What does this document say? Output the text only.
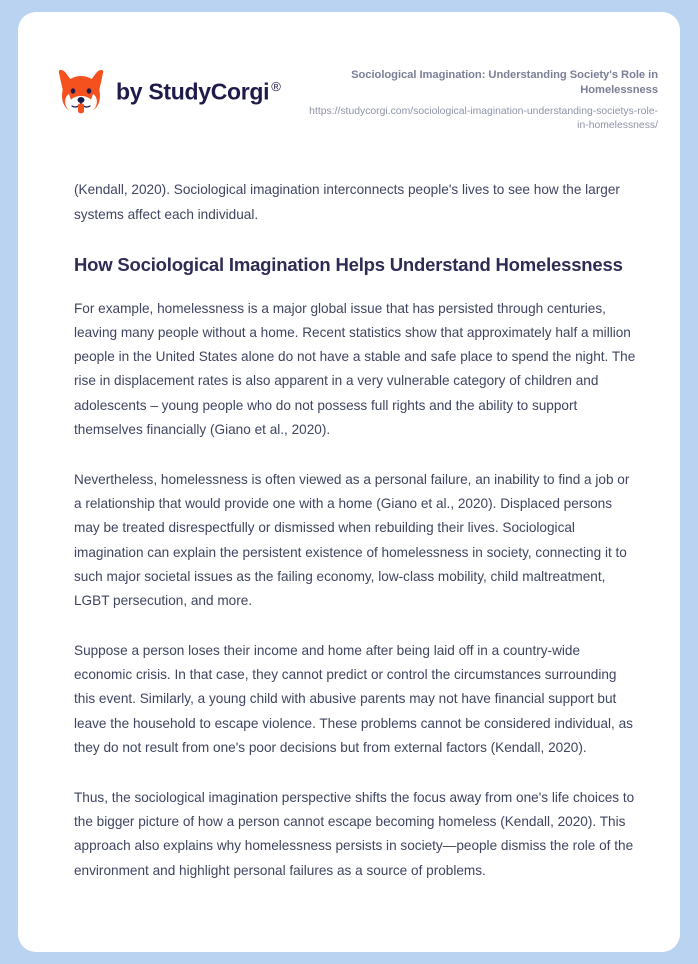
by StudyCorgi ®
Sociological Imagination: Understanding Society's Role in Homelessness
https://studycorgi.com/sociological-imagination-understanding-societys-role-in-homelessness/

(Kendall, 2020). Sociological imagination interconnects people's lives to see how the larger systems affect each individual.

How Sociological Imagination Helps Understand Homelessness

For example, homelessness is a major global issue that has persisted through centuries, leaving many people without a home. Recent statistics show that approximately half a million people in the United States alone do not have a stable and safe place to spend the night. The rise in displacement rates is also apparent in a very vulnerable category of children and adolescents – young people who do not possess full rights and the ability to support themselves financially (Giano et al., 2020).

Nevertheless, homelessness is often viewed as a personal failure, an inability to find a job or a relationship that would provide one with a home (Giano et al., 2020). Displaced persons may be treated disrespectfully or dismissed when rebuilding their lives. Sociological imagination can explain the persistent existence of homelessness in society, connecting it to such major societal issues as the failing economy, low-class mobility, child maltreatment, LGBT persecution, and more.

Suppose a person loses their income and home after being laid off in a country-wide economic crisis. In that case, they cannot predict or control the circumstances surrounding this event. Similarly, a young child with abusive parents may not have financial support but leave the household to escape violence. These problems cannot be considered individual, as they do not result from one's poor decisions but from external factors (Kendall, 2020).

Thus, the sociological imagination perspective shifts the focus away from one's life choices to the bigger picture of how a person cannot escape becoming homeless (Kendall, 2020). This approach also explains why homelessness persists in society—people dismiss the role of the environment and highlight personal failures as a source of problems.
